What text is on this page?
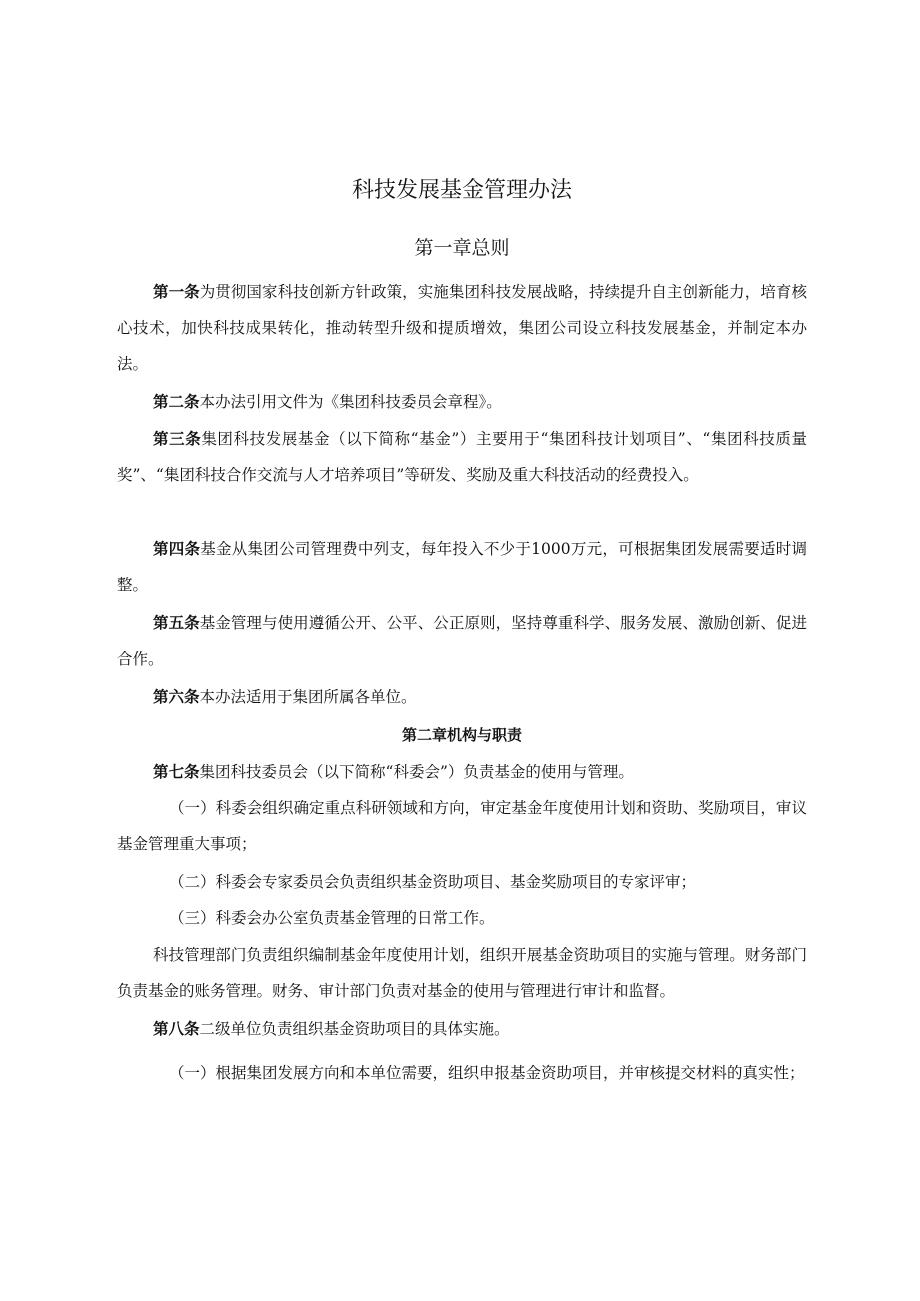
科技发展基金管理办法
第一章总则

第一条为贯彻国家科技创新方针政策，实施集团科技发展战略，持续提升自主创新能力，培育核心技术，加快科技成果转化，推动转型升级和提质增效，集团公司设立科技发展基金，并制定本办法。

第二条本办法引用文件为《集团科技委员会章程》。

第三条集团科技发展基金（以下简称“基金”）主要用于“集团科技计划项目”、“集团科技质量奖”、“集团科技合作交流与人才培养项目”等研发、奖励及重大科技活动的经费投入。

第四条基金从集团公司管理费中列支，每年投入不少于1000万元，可根据集团发展需要适时调整。

第五条基金管理与使用遵循公开、公平、公正原则，坚持尊重科学、服务发展、激励创新、促进合作。

第六条本办法适用于集团所属各单位。

第二章机构与职责

第七条集团科技委员会（以下简称“科委会”）负责基金的使用与管理。

（一）科委会组织确定重点科研领域和方向，审定基金年度使用计划和资助、奖励项目，审议基金管理重大事项；

（二）科委会专家委员会负责组织基金资助项目、基金奖励项目的专家评审；

（三）科委会办公室负责基金管理的日常工作。

科技管理部门负责组织编制基金年度使用计划，组织开展基金资助项目的实施与管理。财务部门负责基金的账务管理。财务、审计部门负责对基金的使用与管理进行审计和监督。

第八条二级单位负责组织基金资助项目的具体实施。

（一）根据集团发展方向和本单位需要，组织申报基金资助项目，并审核提交材料的真实性；
